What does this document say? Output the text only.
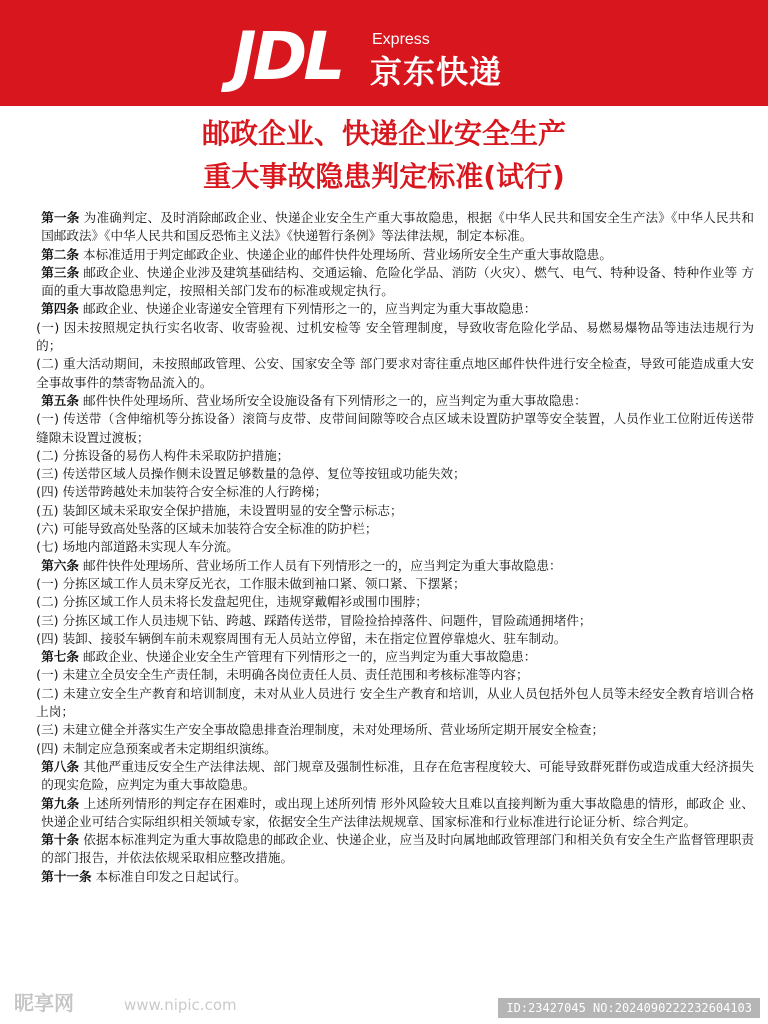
JDL Express
京东快递
邮政企业、快递企业安全生产
重大事故隐患判定标准(试行)

第一条 为准确判定、及时消除邮政企业、快递企业安全生产重大事故隐患，根据《中华人民共和国安全生产法》《中华人民共和国邮政法》《中华人民共和国反恐怖主义法》《快递暂行条例》等法律法规，制定本标准。

第二条 本标准适用于判定邮政企业、快递企业的邮件快件处理场所、营业场所安全生产重大事故隐患。

第三条 邮政企业、快递企业涉及建筑基础结构、交通运输、危险化学品、消防（火灾）、燃气、电气、特种设备、特种作业等 方面的重大事故隐患判定，按照相关部门发布的标准或规定执行。

第四条 邮政企业、快递企业寄递安全管理有下列情形之一的，应当判定为重大事故隐患：

(一) 因未按照规定执行实名收寄、收寄验视、过机安检等 安全管理制度，导致收寄危险化学品、易燃易爆物品等违法违规行为的；

(二) 重大活动期间，未按照邮政管理、公安、国家安全等 部门要求对寄往重点地区邮件快件进行安全检查，导致可能造成重大安全事故事件的禁寄物品流入的。

第五条 邮件快件处理场所、营业场所安全设施设备有下列情形之一的，应当判定为重大事故隐患：

(一) 传送带（含伸缩机等分拣设备）滚筒与皮带、皮带间间隙等咬合点区域未设置防护罩等安全装置，人员作业工位附近传送带缝隙未设置过渡板；

(二) 分拣设备的易伤人构件未采取防护措施；

(三) 传送带区域人员操作侧未设置足够数量的急停、复位等按钮或功能失效；

(四) 传送带跨越处未加装符合安全标准的人行跨梯；

(五) 装卸区域未采取安全保护措施，未设置明显的安全警示标志；

(六) 可能导致高处坠落的区域未加装符合安全标准的防护栏；

(七) 场地内部道路未实现人车分流。

第六条 邮件快件处理场所、营业场所工作人员有下列情形之一的，应当判定为重大事故隐患：

(一) 分拣区域工作人员未穿反光衣，工作服未做到袖口紧、领口紧、下摆紧；

(二) 分拣区域工作人员未将长发盘起兜住，违规穿戴帽衫或围巾围脖；

(三) 分拣区域工作人员违规下钻、跨越、踩踏传送带，冒险捡拾掉落件、问题件，冒险疏通拥堵件；

(四) 装卸、接驳车辆倒车前未观察周围有无人员站立停留，未在指定位置停靠熄火、驻车制动。

第七条 邮政企业、快递企业安全生产管理有下列情形之一的，应当判定为重大事故隐患：

(一) 未建立全员安全生产责任制，未明确各岗位责任人员、责任范围和考核标准等内容；

(二) 未建立安全生产教育和培训制度，未对从业人员进行 安全生产教育和培训，从业人员包括外包人员等未经安全教育培训合格上岗；

(三) 未建立健全并落实生产安全事故隐患排查治理制度，未对处理场所、营业场所定期开展安全检查；

(四) 未制定应急预案或者未定期组织演练。

第八条 其他严重违反安全生产法律法规、部门规章及强制性标准，且存在危害程度较大、可能导致群死群伤或造成重大经济损失的现实危险，应判定为重大事故隐患。

第九条 上述所列情形的判定存在困难时，或出现上述所列情 形外风险较大且难以直接判断为重大事故隐患的情形，邮政企 业、快递企业可结合实际组织相关领域专家，依据安全生产法律法规规章、国家标准和行业标准进行论证分析、综合判定。

第十条 依据本标准判定为重大事故隐患的邮政企业、快递企业，应当及时向属地邮政管理部门和相关负有安全生产监督管理职责的部门报告，并依法依规采取相应整改措施。

第十一条 本标准自印发之日起试行。

昵享网	www.nipic.com	ID:23427045 NO:20240902222326041​03
